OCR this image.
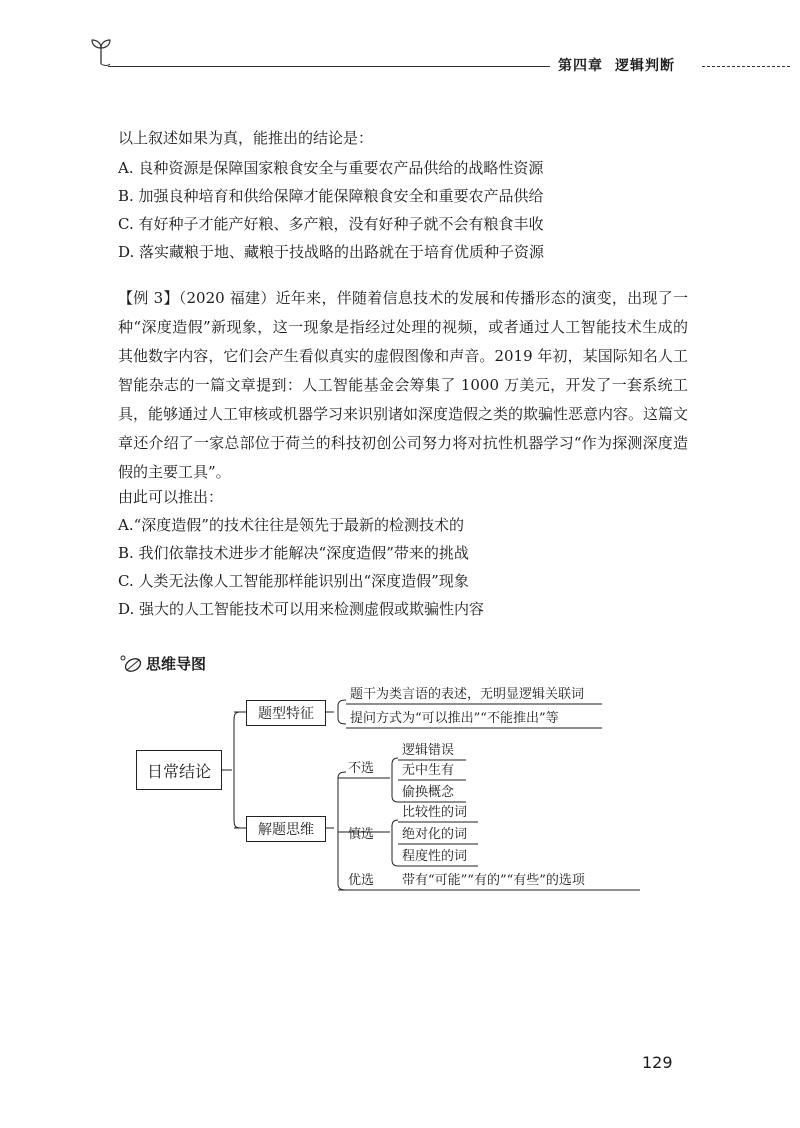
第四章 逻辑判断
以上叙述如果为真，能推出的结论是：
A. 良种资源是保障国家粮食安全与重要农产品供给的战略性资源
B. 加强良种培育和供给保障才能保障粮食安全和重要农产品供给
C. 有好种子才能产好粮、多产粮，没有好种子就不会有粮食丰收
D. 落实藏粮于地、藏粮于技战略的出路就在于培育优质种子资源
【例 3】（2020 福建）近年来，伴随着信息技术的发展和传播形态的演变，出现了一种“深度造假”新现象，这一现象是指经过处理的视频，或者通过人工智能技术生成的其他数字内容，它们会产生看似真实的虚假图像和声音。2019 年初，某国际知名人工智能杂志的一篇文章提到：人工智能基金会筹集了 1000 万美元，开发了一套系统工具，能够通过人工审核或机器学习来识别诸如深度造假之类的欺骗性恶意内容。这篇文章还介绍了一家总部位于荷兰的科技初创公司努力将对抗性机器学习“作为探测深度造假的主要工具”。
由此可以推出：
A.“深度造假”的技术往往是领先于最新的检测技术的
B. 我们依靠技术进步才能解决“深度造假”带来的挑战
C. 人类无法像人工智能那样能识别出“深度造假”现象
D. 强大的人工智能技术可以用来检测虚假或欺骗性内容
思维导图
日常结论
题型特征
解题思维
题干为类言语的表述，无明显逻辑关联词
提问方式为“可以推出”“不能推出”等
不选
逻辑错误
无中生有
偷换概念
慎选
比较性的词
绝对化的词
程度性的词
优选 带有“可能”“有的”“有些”的选项
129
